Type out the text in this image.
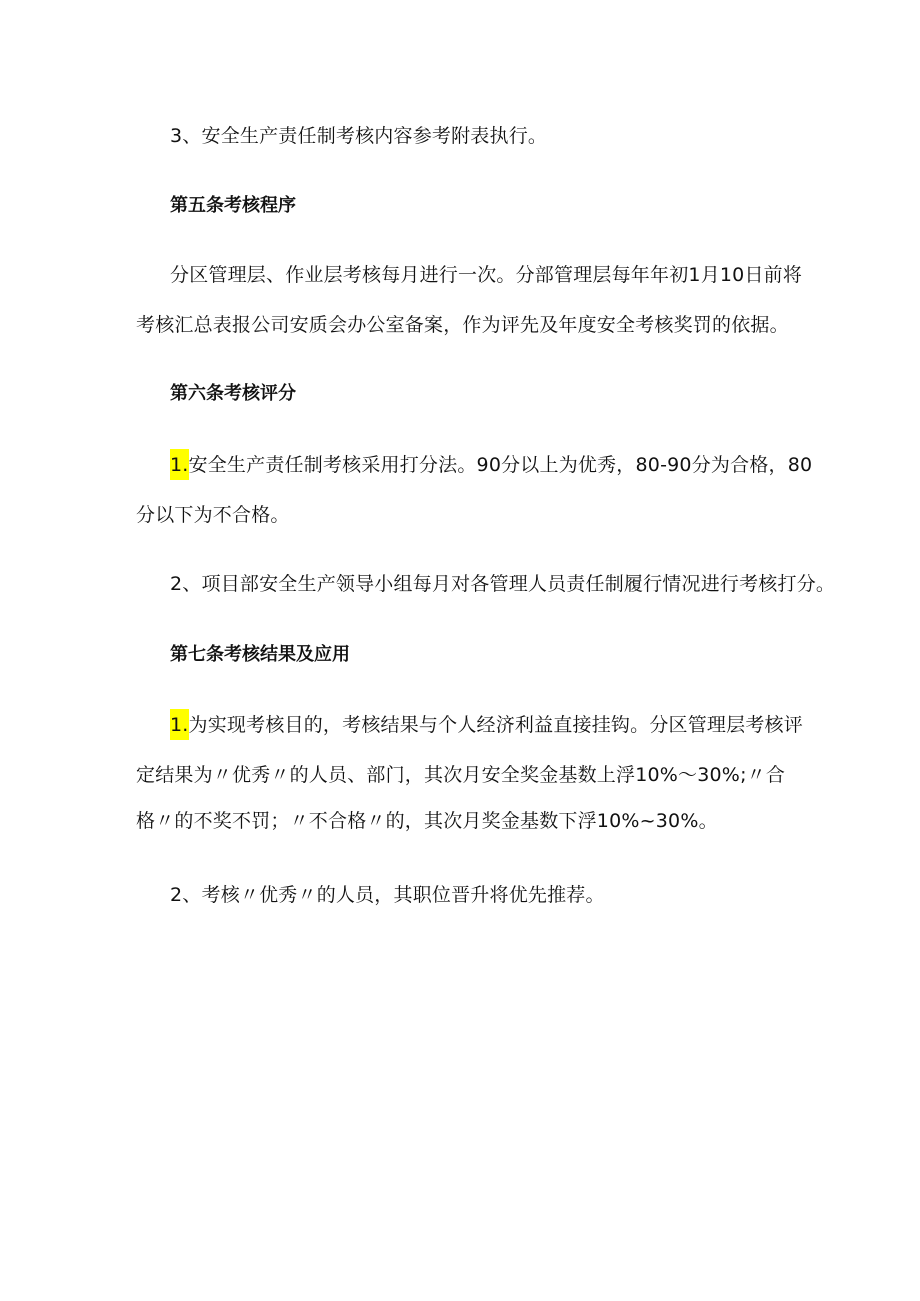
3、安全生产责任制考核内容参考附表执行。
第五条考核程序
分区管理层、作业层考核每月进行一次。分部管理层每年年初1月10日前将
考核汇总表报公司安质会办公室备案，作为评先及年度安全考核奖罚的依据。
第六条考核评分
1.安全生产责任制考核采用打分法。90分以上为优秀，80-90分为合格，80
分以下为不合格。
2、项目部安全生产领导小组每月对各管理人员责任制履行情况进行考核打分。
第七条考核结果及应用
1.为实现考核目的，考核结果与个人经济利益直接挂钩。分区管理层考核评
定结果为〃优秀〃的人员、部门，其次月安全奖金基数上浮10%～30%;〃合
格〃的不奖不罚；〃不合格〃的，其次月奖金基数下浮10%~30%。
2、考核〃优秀〃的人员，其职位晋升将优先推荐。
